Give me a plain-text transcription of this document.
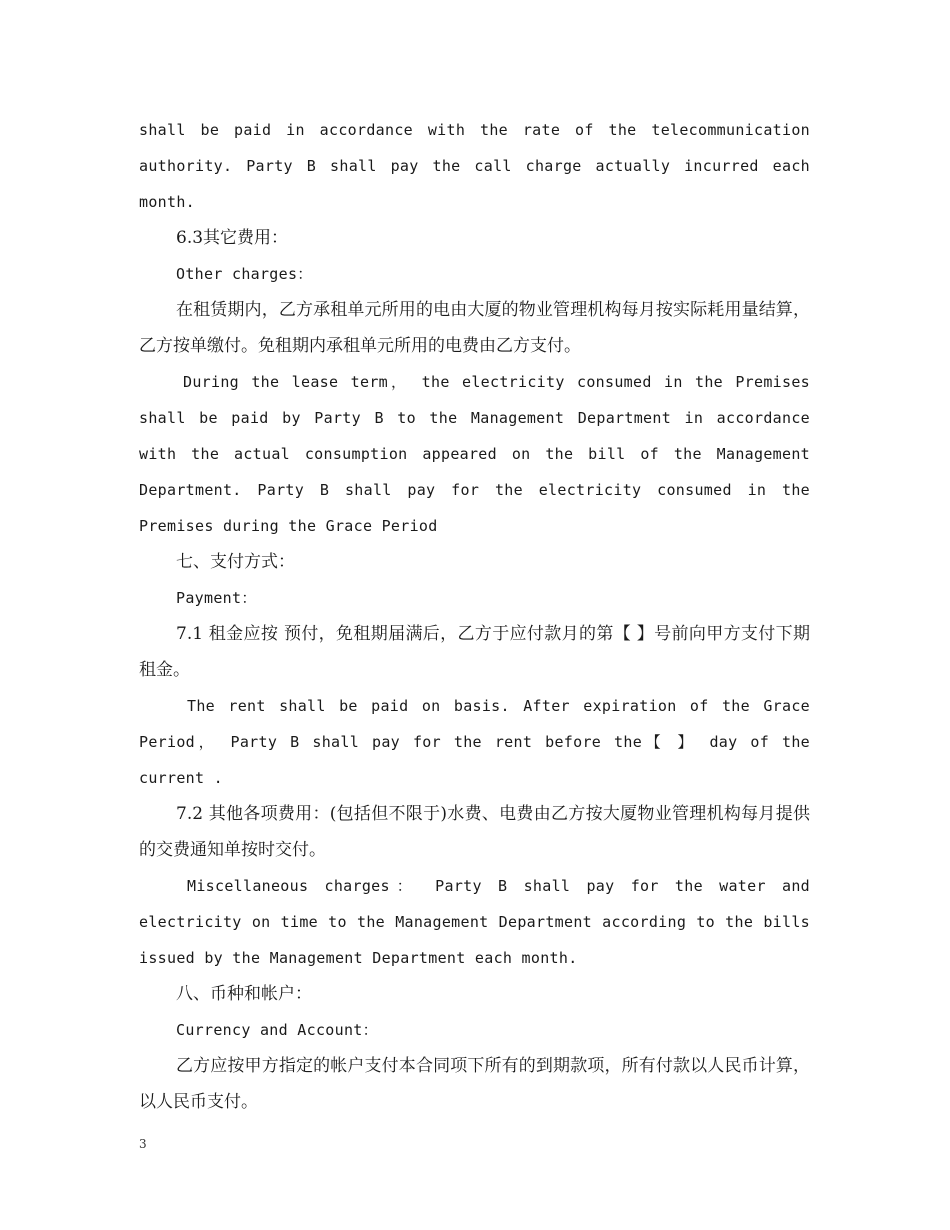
shall be paid in accordance with the rate of the telecommunication authority. Party B shall pay the call charge actually incurred each month.

6.3其它费用：

Other charges：

在租赁期内，乙方承租单元所用的电由大厦的物业管理机构每月按实际耗用量结算，乙方按单缴付。免租期内承租单元所用的电费由乙方支付。

During the lease term， the electricity consumed in the Premises shall be paid by Party B to the Management Department in accordance with the actual consumption appeared on the bill of the Management Department. Party B shall pay for the electricity consumed in the Premises during the Grace Period

七、支付方式：

Payment：

7.1 租金应按 预付，免租期届满后，乙方于应付款月的第【 】号前向甲方支付下期租金。

The rent shall be paid on basis. After expiration of the Grace Period， Party B shall pay for the rent before the【 】 day of the current .

7.2 其他各项费用：(包括但不限于)水费、电费由乙方按大厦物业管理机构每月提供的交费通知单按时交付。

Miscellaneous charges： Party B shall pay for the water and electricity on time to the Management Department according to the bills issued by the Management Department each month.

八、币种和帐户：

Currency and Account：

乙方应按甲方指定的帐户支付本合同项下所有的到期款项，所有付款以人民币计算，以人民币支付。

3
